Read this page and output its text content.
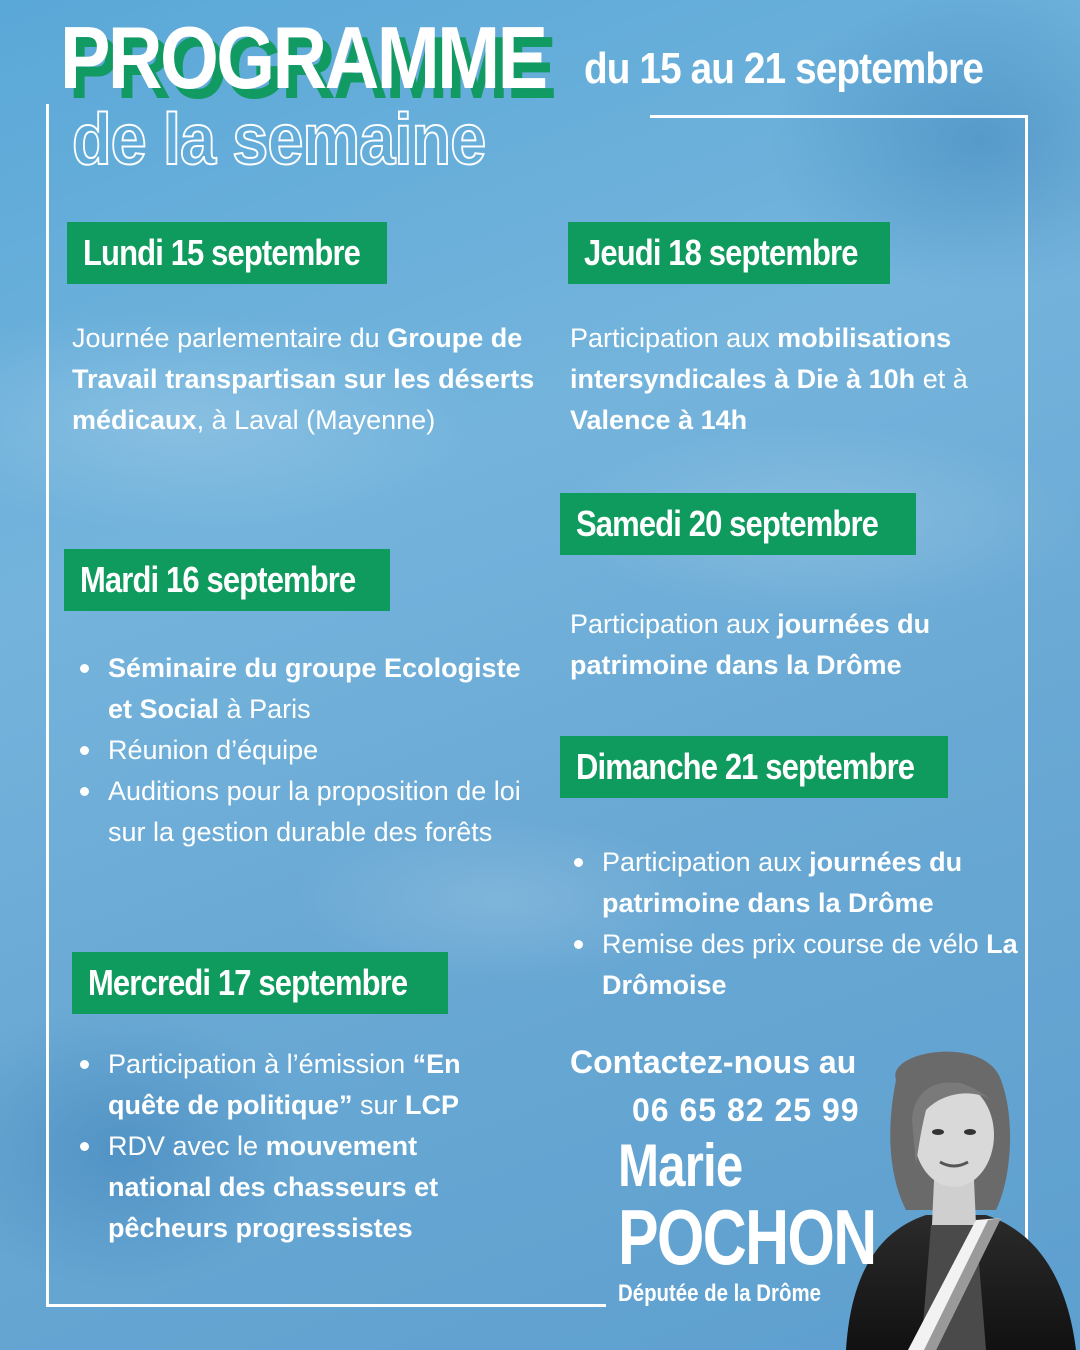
PROGRAMME
de la semaine
du 15 au 21 septembre
Lundi 15 septembre
Journée parlementaire du Groupe de Travail transpartisan sur les déserts médicaux, à Laval (Mayenne)
Mardi 16 septembre
Séminaire du groupe Ecologiste et Social à Paris
Réunion d’équipe
Auditions pour la proposition de loi sur la gestion durable des forêts
Mercredi 17 septembre
Participation à l’émission “En quête de politique” sur LCP
RDV avec le mouvement national des chasseurs et pêcheurs progressistes
Jeudi 18 septembre
Participation aux mobilisations intersyndicales à Die à 10h et à Valence à 14h
Samedi 20 septembre
Participation aux journées du patrimoine dans la Drôme
Dimanche 21 septembre
Participation aux journées du patrimoine dans la Drôme
Remise des prix course de vélo La Drômoise
Contactez-nous au
06 65 82 25 99
Marie
POCHON
Députée de la Drôme
